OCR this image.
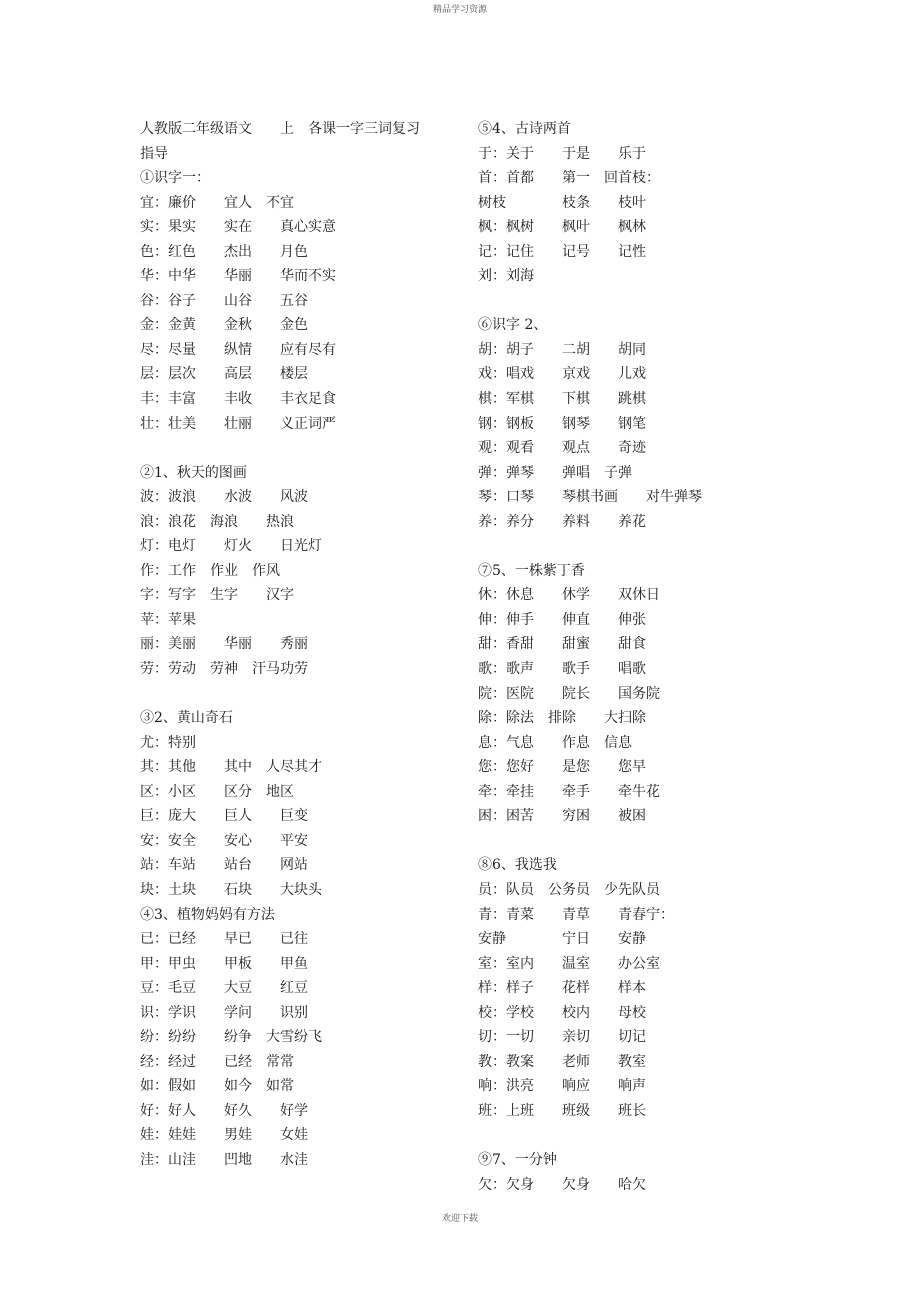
精品学习资源
人教版二年级语文　　上　各课一字三词复习
指导
①识字一：
宜：廉价　　宜人　不宜
实：果实　　实在　　真心实意
色：红色　　杰出　　月色
华：中华　　华丽　　华而不实
谷：谷子　　山谷　　五谷
金：金黄　　金秋　　金色
尽：尽量　　纵情　　应有尽有
层：层次　　高层　　楼层
丰：丰富　　丰收　　丰衣足食
壮：壮美　　壮丽　　义正词严
②1、秋天的图画
波：波浪　　水波　　风波
浪：浪花　海浪　　热浪
灯：电灯　　灯火　　日光灯
作：工作　作业　作风
字：写字　生字　　汉字
苹：苹果
丽：美丽　　华丽　　秀丽
劳：劳动　劳神　汗马功劳
③2、黄山奇石
尤：特别
其：其他　　其中　人尽其才
区：小区　　区分　地区
巨：庞大　　巨人　　巨变
安：安全　　安心　　平安
站：车站　　站台　　网站
块：土块　　石块　　大块头
④3、植物妈妈有方法
已：已经　　早已　　已往
甲：甲虫　　甲板　　甲鱼
豆：毛豆　　大豆　　红豆
识：学识　　学问　　识别
纷：纷纷　　纷争　大雪纷飞
经：经过　　已经　常常
如：假如　　如今　如常
好：好人　　好久　　好学
娃：娃娃　　男娃　　女娃
洼：山洼　　凹地　　水洼
⑤4、古诗两首
于：关于　　于是　　乐于
首：首都　　第一　回首枝：
树枝　　　　枝条　　枝叶
枫：枫树　　枫叶　　枫林
记：记住　　记号　　记性
刘：刘海
⑥识字 2、
胡：胡子　　二胡　　胡同
戏：唱戏　　京戏　　儿戏
棋：军棋　　下棋　　跳棋
钢：钢板　　钢琴　　钢笔
观：观看　　观点　　奇迹
弹：弹琴　　弹唱　子弹
琴：口琴　　琴棋书画　　对牛弹琴
养：养分　　养料　　养花
⑦5、一株紫丁香
休：休息　　休学　　双休日
伸：伸手　　伸直　　伸张
甜：香甜　　甜蜜　　甜食
歌：歌声　　歌手　　唱歌
院：医院　　院长　　国务院
除：除法　排除　　大扫除
息：气息　　作息　信息
您：您好　　是您　　您早
牵：牵挂　　牵手　　牵牛花
困：困苦　　穷困　　被困
⑧6、我选我
员：队员　公务员　少先队员
青：青菜　　青草　　青春宁：
安静　　　　宁日　　安静
室：室内　　温室　　办公室
样：样子　　花样　　样本
校：学校　　校内　　母校
切：一切　　亲切　　切记
教：教案　　老师　　教室
响：洪亮　　响应　　响声
班：上班　　班级　　班长
⑨7、一分钟
欠：欠身　　欠身　　哈欠
欢迎下载
